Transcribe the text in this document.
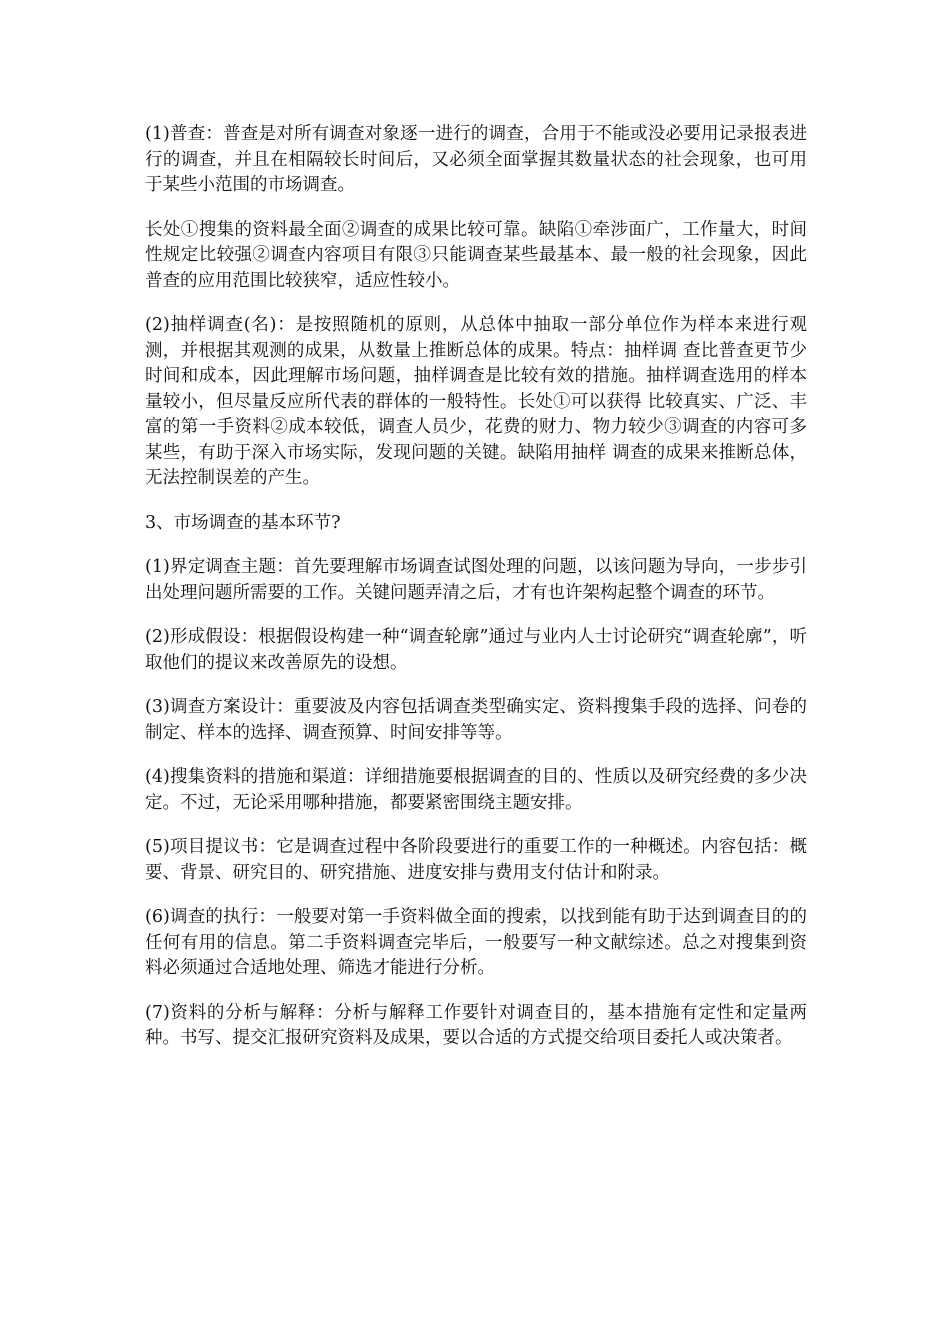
(1)普查：普查是对所有调查对象逐一进行的调查，合用于不能或没必要用记录报表进行的调查，并且在相隔较长时间后，又必须全面掌握其数量状态的社会现象，也可用于某些小范围的市场调查。

长处①搜集的资料最全面②调查的成果比较可靠。缺陷①牵涉面广，工作量大，时间性规定比较强②调查内容项目有限③只能调查某些最基本、最一般的社会现象，因此普查的应用范围比较狭窄，适应性较小。

(2)抽样调查(名)：是按照随机的原则，从总体中抽取一部分单位作为样本来进行观测，并根据其观测的成果，从数量上推断总体的成果。特点：抽样调 查比普查更节少时间和成本，因此理解市场问题，抽样调查是比较有效的措施。抽样调查选用的样本量较小，但尽量反应所代表的群体的一般特性。长处①可以获得 比较真实、广泛、丰富的第一手资料②成本较低，调查人员少，花费的财力、物力较少③调查的内容可多某些，有助于深入市场实际，发现问题的关键。缺陷用抽样 调查的成果来推断总体，无法控制误差的产生。

3、市场调查的基本环节?

(1)界定调查主题：首先要理解市场调查试图处理的问题，以该问题为导向，一步步引出处理问题所需要的工作。关键问题弄清之后，才有也许架构起整个调查的环节。

(2)形成假设：根据假设构建一种“调查轮廓”通过与业内人士讨论研究“调查轮廓”，听取他们的提议来改善原先的设想。

(3)调查方案设计：重要波及内容包括调查类型确实定、资料搜集手段的选择、问卷的制定、样本的选择、调查预算、时间安排等等。

(4)搜集资料的措施和渠道：详细措施要根据调查的目的、性质以及研究经费的多少决定。不过，无论采用哪种措施，都要紧密围绕主题安排。

(5)项目提议书：它是调查过程中各阶段要进行的重要工作的一种概述。内容包括：概要、背景、研究目的、研究措施、进度安排与费用支付估计和附录。

(6)调查的执行：一般要对第一手资料做全面的搜索，以找到能有助于达到调查目的的任何有用的信息。第二手资料调查完毕后，一般要写一种文献综述。总之对搜集到资料必须通过合适地处理、筛选才能进行分析。

(7)资料的分析与解释：分析与解释工作要针对调查目的，基本措施有定性和定量两种。书写、提交汇报研究资料及成果，要以合适的方式提交给项目委托人或决策者。
